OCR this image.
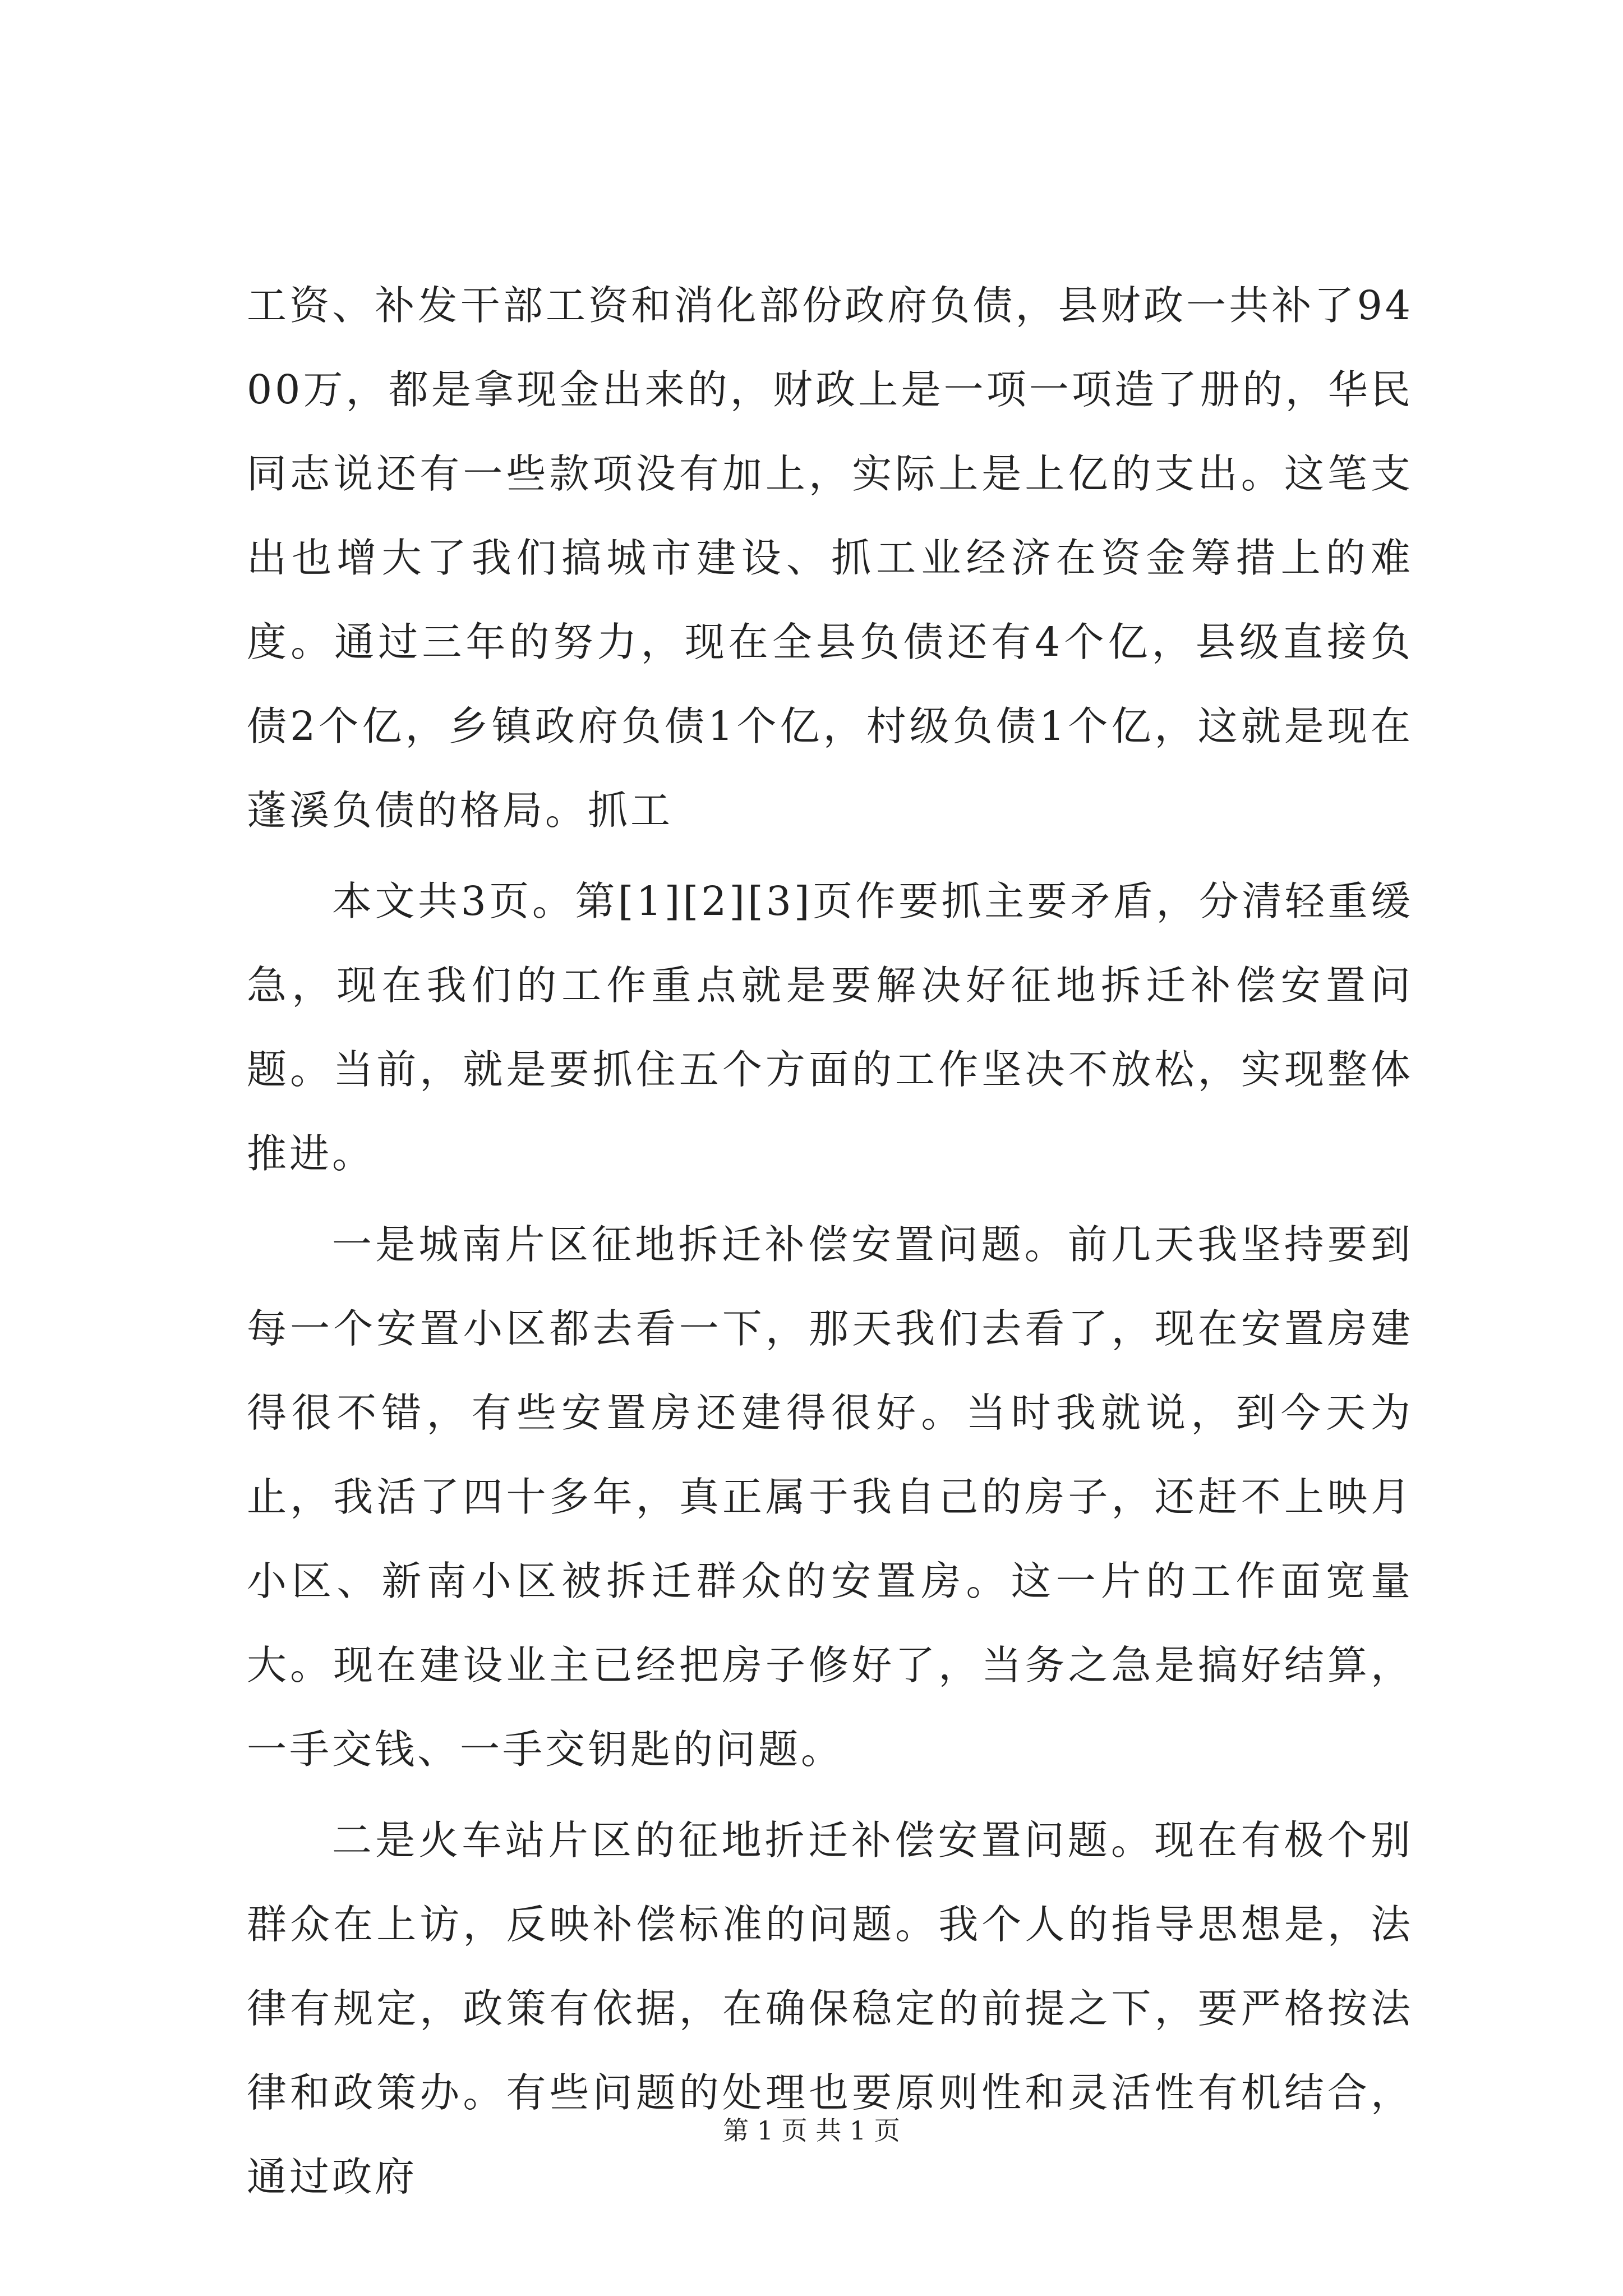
工资、补发干部工资和消化部份政府负债，县财政一共补了9400万，都是拿现金出来的，财政上是一项一项造了册的，华民同志说还有一些款项没有加上，实际上是上亿的支出。这笔支出也增大了我们搞城市建设、抓工业经济在资金筹措上的难度。通过三年的努力，现在全县负债还有4个亿，县级直接负债2个亿，乡镇政府负债1个亿，村级负债1个亿，这就是现在蓬溪负债的格局。抓工

本文共3页。第[1][2][3]页作要抓主要矛盾，分清轻重缓急，现在我们的工作重点就是要解决好征地拆迁补偿安置问题。当前，就是要抓住五个方面的工作坚决不放松，实现整体推进。

一是城南片区征地拆迁补偿安置问题。前几天我坚持要到每一个安置小区都去看一下，那天我们去看了，现在安置房建得很不错，有些安置房还建得很好。当时我就说，到今天为止，我活了四十多年，真正属于我自己的房子，还赶不上映月小区、新南小区被拆迁群众的安置房。这一片的工作面宽量大。现在建设业主已经把房子修好了，当务之急是搞好结算，一手交钱、一手交钥匙的问题。

二是火车站片区的征地折迁补偿安置问题。现在有极个别群众在上访，反映补偿标准的问题。我个人的指导思想是，法律有规定，政策有依据，在确保稳定的前提之下，要严格按法律和政策办。有些问题的处理也要原则性和灵活性有机结合，通过政府

第 1 页 共 1 页
